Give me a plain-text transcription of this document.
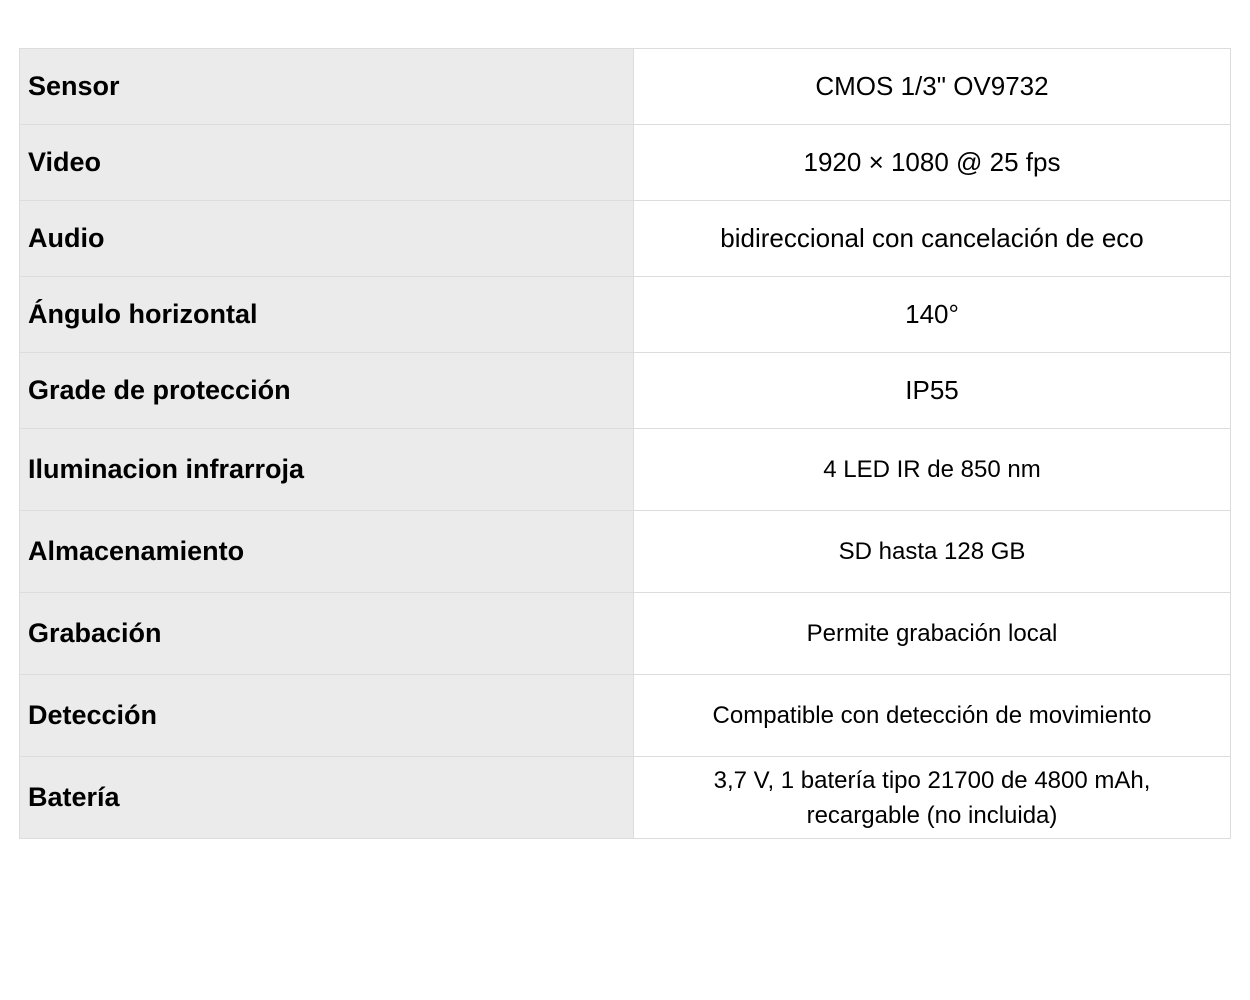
Sensor	CMOS 1/3" OV9732
Video	1920 × 1080 @ 25 fps
Audio	bidireccional con cancelación de eco
Ángulo horizontal	140°
Grade de protección	IP55
Iluminacion infrarroja	4 LED IR de 850 nm
Almacenamiento	SD hasta 128 GB
Grabación	Permite grabación local
Detección	Compatible con detección de movimiento
Batería	3,7 V, 1 batería tipo 21700 de 4800 mAh,
recargable (no incluida)
